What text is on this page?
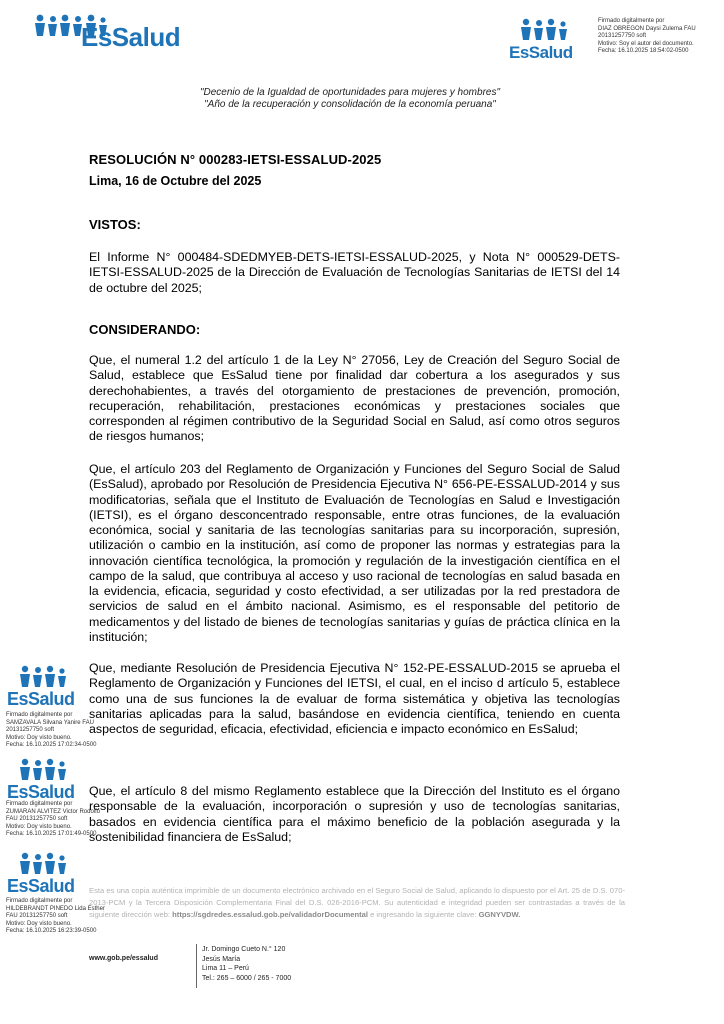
EsSalud
EsSalud
Firmado digitalmente por
DIAZ OBREGON Daysi Zulema FAU
20131257750 soft
Motivo: Soy el autor del documento.
Fecha: 16.10.2025 18:54:02-0500
"Decenio de la Igualdad de oportunidades para mujeres y hombres"
"Año de la recuperación y consolidación de la economía peruana"
RESOLUCIÓN N° 000283-IETSI-ESSALUD-2025
Lima, 16 de Octubre del 2025
VISTOS:

El Informe N° 000484-SDEDMYEB-DETS-IETSI-ESSALUD-2025, y Nota N° 000529-DETS-IETSI-ESSALUD-2025 de la Dirección de Evaluación de Tecnologías Sanitarias de IETSI del 14 de octubre del 2025;

CONSIDERANDO:

Que, el numeral 1.2 del artículo 1 de la Ley N° 27056, Ley de Creación del Seguro Social de Salud, establece que EsSalud tiene por finalidad dar cobertura a los asegurados y sus derechohabientes, a través del otorgamiento de prestaciones de prevención, promoción, recuperación, rehabilitación, prestaciones económicas y prestaciones sociales que corresponden al régimen contributivo de la Seguridad Social en Salud, así como otros seguros de riesgos humanos;

Que, el artículo 203 del Reglamento de Organización y Funciones del Seguro Social de Salud (EsSalud), aprobado por Resolución de Presidencia Ejecutiva N° 656-PE-ESSALUD-2014 y sus modificatorias, señala que el Instituto de Evaluación de Tecnologías en Salud e Investigación (IETSI), es el órgano desconcentrado responsable, entre otras funciones, de la evaluación económica, social y sanitaria de las tecnologías sanitarias para su incorporación, supresión, utilización o cambio en la institución, así como de proponer las normas y estrategias para la innovación científica tecnológica, la promoción y regulación de la investigación científica en el campo de la salud, que contribuya al acceso y uso racional de tecnologías en salud basada en la evidencia, eficacia, seguridad y costo efectividad, a ser utilizadas por la red prestadora de servicios de salud en el ámbito nacional. Asimismo, es el responsable del petitorio de medicamentos y del listado de bienes de tecnologías sanitarias y guías de práctica clínica en la institución;

Que, mediante Resolución de Presidencia Ejecutiva N° 152-PE-ESSALUD-2015 se aprueba el Reglamento de Organización y Funciones del IETSI, el cual, en el inciso d artículo 5, establece como una de sus funciones la de evaluar de forma sistemática y objetiva las tecnologías sanitarias aplicadas para la salud, basándose en evidencia científica, teniendo en cuenta aspectos de seguridad, eficacia, efectividad, eficiencia e impacto económico en EsSalud;

Que, el artículo 8 del mismo Reglamento establece que la Dirección del Instituto es el órgano responsable de la evaluación, incorporación o supresión y uso de tecnologías sanitarias, basados en evidencia científica para el máximo beneficio de la población asegurada y la sostenibilidad financiera de EsSalud;

EsSalud
Firmado digitalmente por
SAMZAVALA Silvana Yanire FAU
20131257750 soft
Motivo: Doy visto bueno.
Fecha: 16.10.2025 17:02:34-0500
EsSalud
Firmado digitalmente por
ZUMARAN ALVITEZ Victor Rodolfo
FAU 20131257750 soft
Motivo: Doy visto bueno.
Fecha: 16.10.2025 17:01:49-0500
EsSalud
Firmado digitalmente por
HILDEBRANDT PINEDO Lida Esther
FAU 20131257750 soft
Motivo: Doy visto bueno.
Fecha: 16.10.2025 16:23:39-0500
Esta es una copia auténtica imprimible de un documento electrónico archivado en el Seguro Social de Salud, aplicando lo dispuesto por el Art. 25 de D.S. 070-2013-PCM y la Tercera Disposición Complementaria Final del D.S. 026-2016-PCM. Su autenticidad e integridad pueden ser contrastadas a través de la siguiente dirección web: https://sgdredes.essalud.gob.pe/validadorDocumental e ingresando la siguiente clave: GGNYVDW.
www.gob.pe/essalud
Jr. Domingo Cueto N.° 120
Jesús María
Lima 11 – Perú
Tel.: 265 – 6000 / 265 - 7000
